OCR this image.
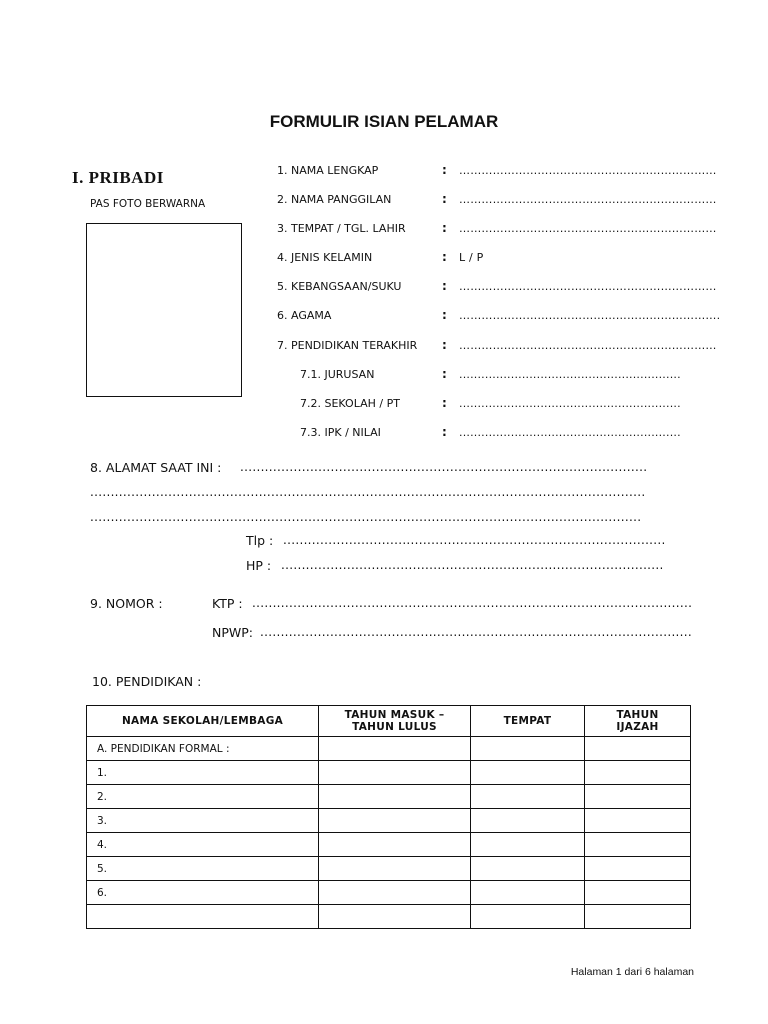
FORMULIR ISIAN PELAMAR
I. PRIBADI
PAS FOTO BERWARNA
1. NAMA LENGKAP	: ……………………………………………………………
2. NAMA PANGGILAN	: ……………………………………………………………
3. TEMPAT / TGL. LAHIR	: ……………………………………………………………
4. JENIS KELAMIN	: L / P
5. KEBANGSAAN/SUKU	: ……………………………………………………………
6. AGAMA	: …………………………………………………………….
7. PENDIDIKAN TERAKHIR : ……………………………………………………………
7.1. JURUSAN	: ............................................................
7.2. SEKOLAH / PT	: ............................................................
7.3. IPK / NILAI	: ............................................................
8. ALAMAT SAAT INI : ...................................................................................................
.......................................................................................................................................
......................................................................................................................................
Tlp : .............................................................................................
HP : .............................................................................................
9. NOMOR :	KTP : ...........................................................................................................
NPWP: .........................................................................................................
10. PENDIDIKAN :
NAMA SEKOLAH/LEMBAGA	TAHUN MASUK – TAHUN LULUS	TEMPAT	TAHUN IJAZAH
A. PENDIDIKAN FORMAL :			
1.			
2.			
3.			
4.			
5.			
6.			

Halaman 1 dari 6 halaman
